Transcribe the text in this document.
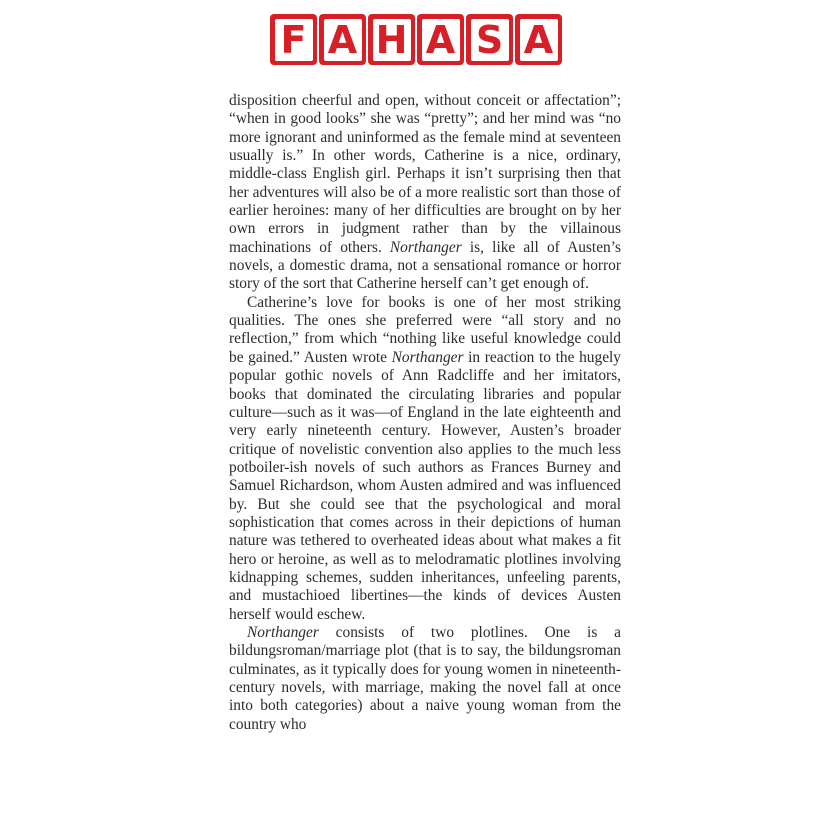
F A H A S A

disposition cheerful and open, without conceit or affectation”; “when in good looks” she was “pretty”; and her mind was “no more ignorant and uninformed as the female mind at seventeen usually is.” In other words, Catherine is a nice, ordinary, middle-class English girl. Perhaps it isn’t surprising then that her adventures will also be of a more realistic sort than those of earlier heroines: many of her difficulties are brought on by her own errors in judgment rather than by the villainous machinations of others. Northanger is, like all of Austen’s novels, a domestic drama, not a sensational romance or horror story of the sort that Catherine herself can’t get enough of.

Catherine’s love for books is one of her most striking qualities. The ones she preferred were “all story and no reflection,” from which “nothing like useful knowledge could be gained.” Austen wrote Northanger in reaction to the hugely popular gothic novels of Ann Radcliffe and her imitators, books that dominated the circulating libraries and popular culture—such as it was—of England in the late eighteenth and very early nineteenth century. However, Austen’s broader critique of novelistic convention also applies to the much less potboiler-ish novels of such authors as Frances Burney and Samuel Richardson, whom Austen admired and was influenced by. But she could see that the psychological and moral sophistication that comes across in their depictions of human nature was tethered to overheated ideas about what makes a fit hero or heroine, as well as to melodramatic plotlines involving kidnapping schemes, sudden inheritances, unfeeling parents, and mustachioed libertines—the kinds of devices Austen herself would eschew.

Northanger consists of two plotlines. One is a bildungsroman/marriage plot (that is to say, the bildungsroman culminates, as it typically does for young women in nineteenth-century novels, with marriage, making the novel fall at once into both categories) about a naive young woman from the country who
